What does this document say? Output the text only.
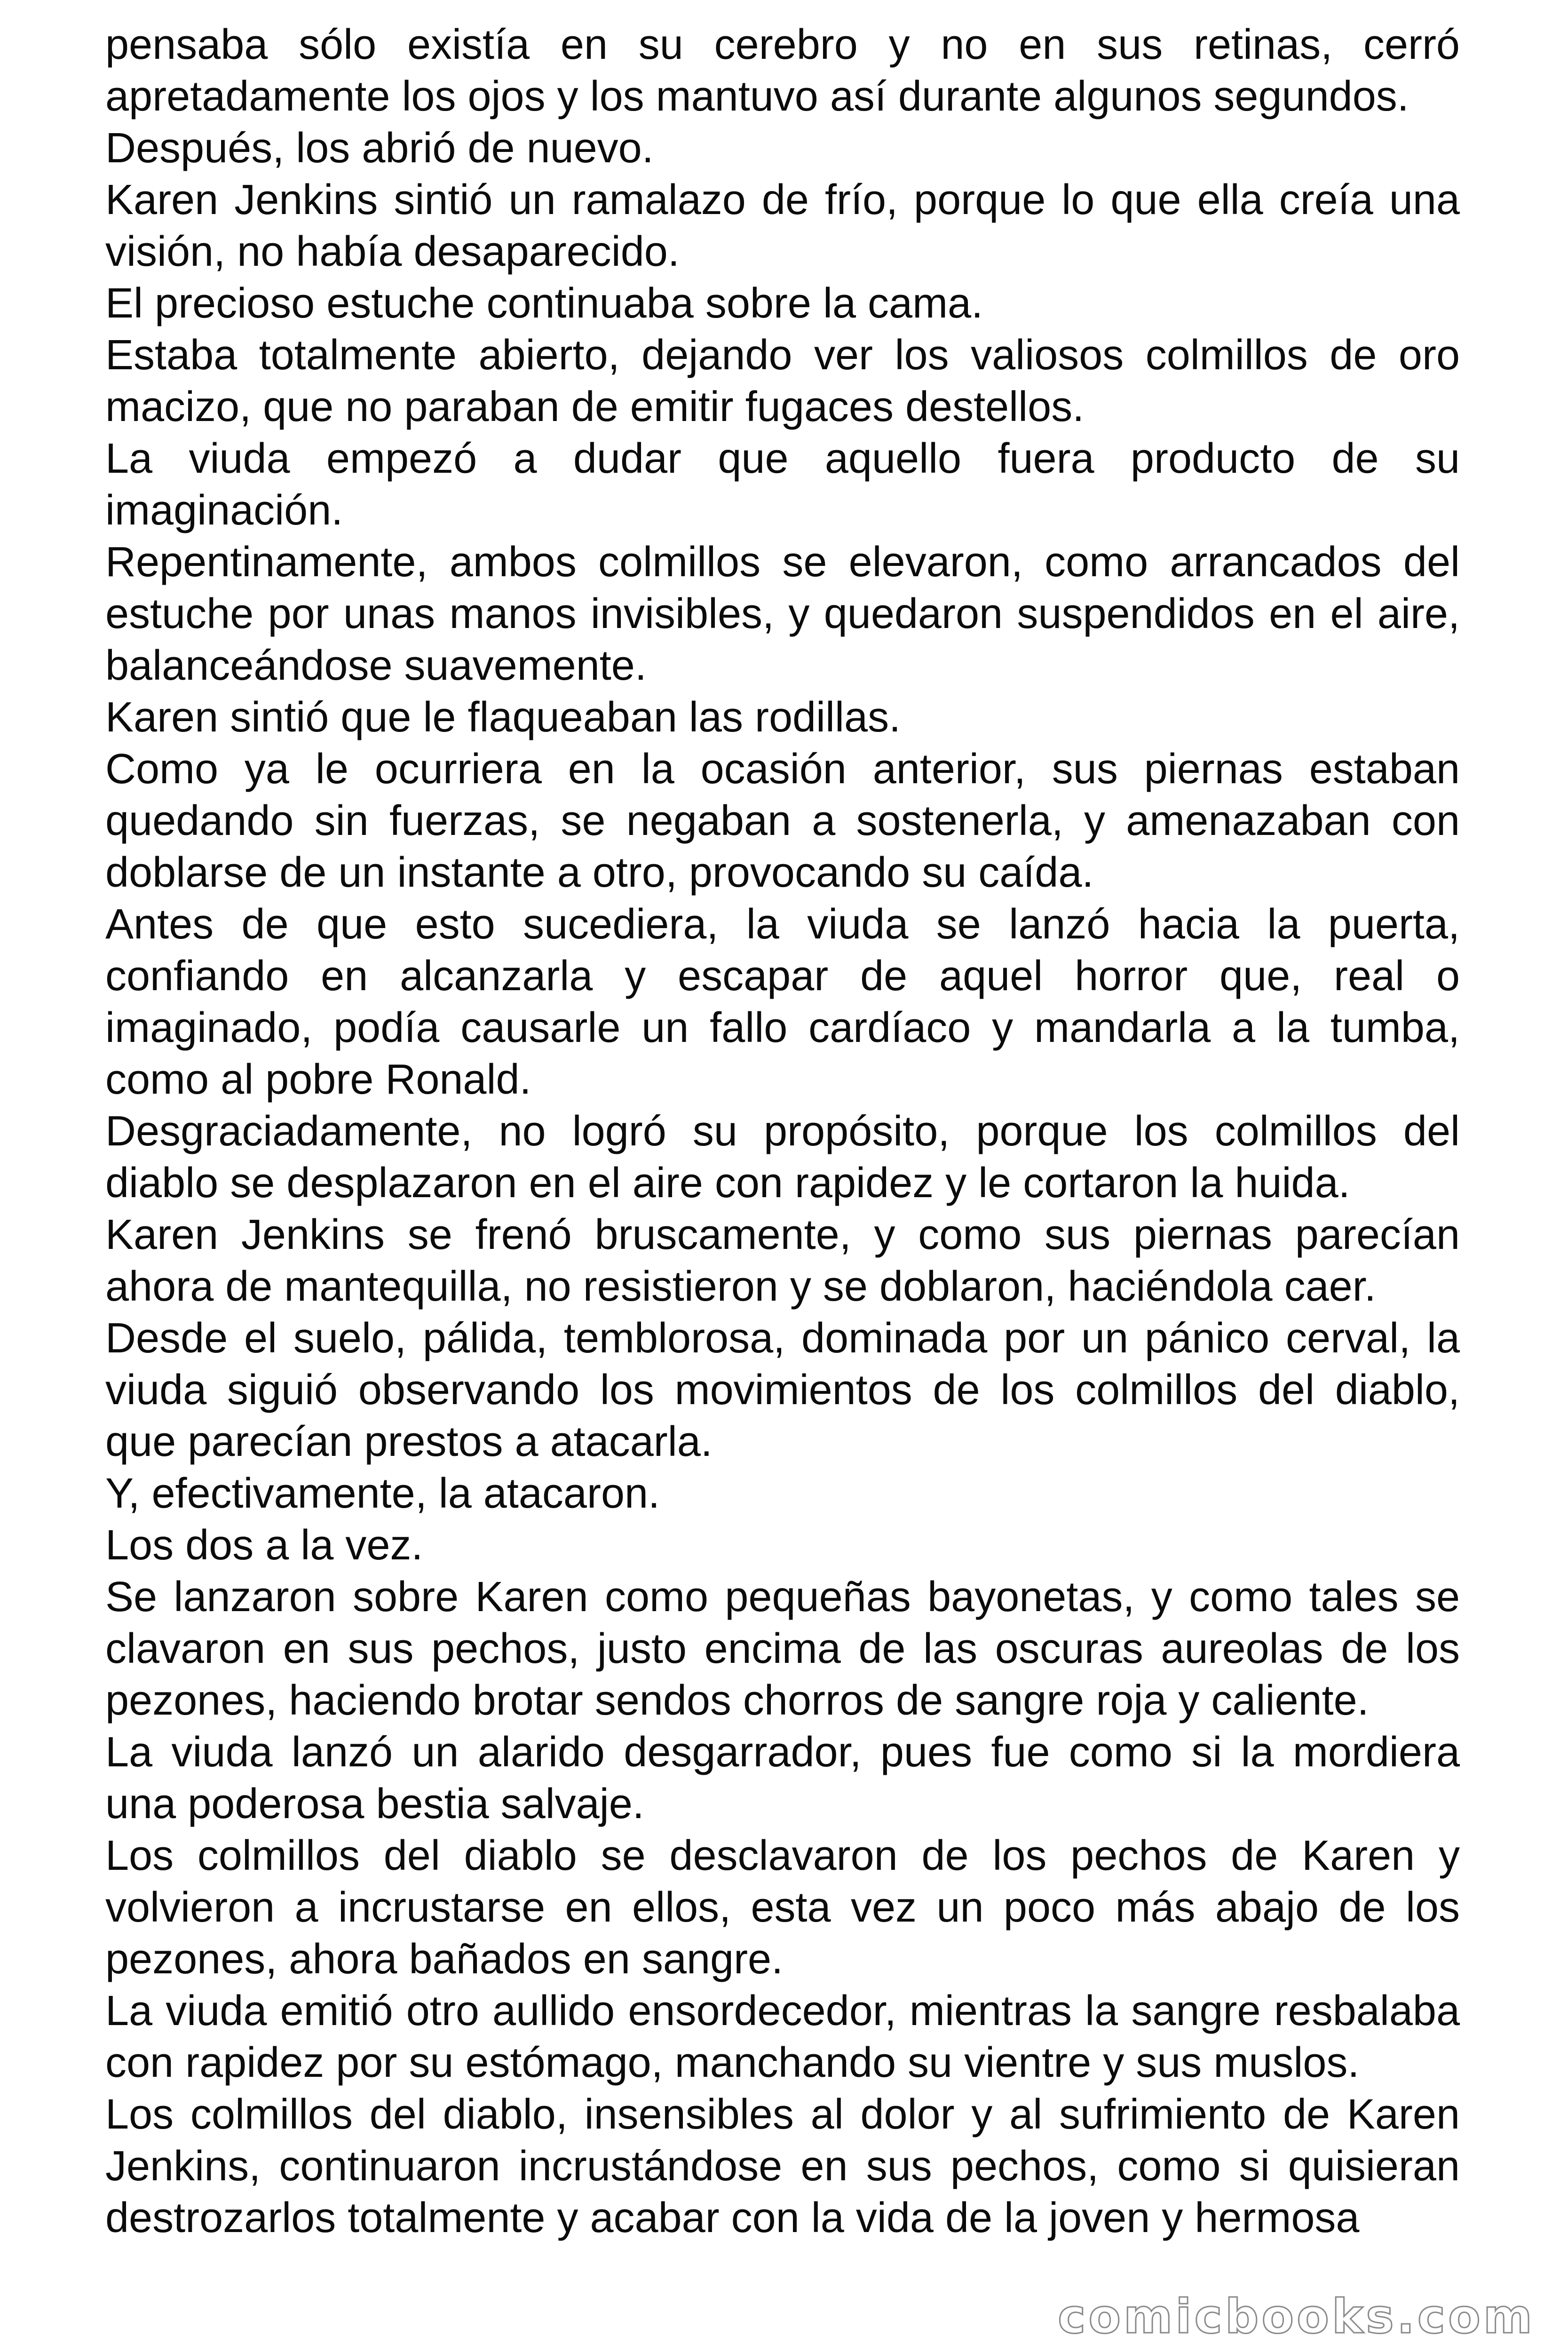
pensaba sólo existía en su cerebro y no en sus retinas, cerró apretadamente los ojos y los mantuvo así durante algunos segundos.

Después, los abrió de nuevo.

Karen Jenkins sintió un ramalazo de frío, porque lo que ella creía una visión, no había desaparecido.

El precioso estuche continuaba sobre la cama.

Estaba totalmente abierto, dejando ver los valiosos colmillos de oro macizo, que no paraban de emitir fugaces destellos.

La viuda empezó a dudar que aquello fuera producto de su imaginación.

Repentinamente, ambos colmillos se elevaron, como arrancados del estuche por unas manos invisibles, y quedaron suspendidos en el aire, balanceándose suavemente.

Karen sintió que le flaqueaban las rodillas.

Como ya le ocurriera en la ocasión anterior, sus piernas estaban quedando sin fuerzas, se negaban a sostenerla, y amenazaban con doblarse de un instante a otro, provocando su caída.

Antes de que esto sucediera, la viuda se lanzó hacia la puerta, confiando en alcanzarla y escapar de aquel horror que, real o imaginado, podía causarle un fallo cardíaco y mandarla a la tumba, como al pobre Ronald.

Desgraciadamente, no logró su propósito, porque los colmillos del diablo se desplazaron en el aire con rapidez y le cortaron la huida.

Karen Jenkins se frenó bruscamente, y como sus piernas parecían ahora de mantequilla, no resistieron y se doblaron, haciéndola caer.

Desde el suelo, pálida, temblorosa, dominada por un pánico cerval, la viuda siguió observando los movimientos de los colmillos del diablo, que parecían prestos a atacarla.

Y, efectivamente, la atacaron.

Los dos a la vez.

Se lanzaron sobre Karen como pequeñas bayonetas, y como tales se clavaron en sus pechos, justo encima de las oscuras aureolas de los pezones, haciendo brotar sendos chorros de sangre roja y caliente.

La viuda lanzó un alarido desgarrador, pues fue como si la mordiera una poderosa bestia salvaje.

Los colmillos del diablo se desclavaron de los pechos de Karen y volvieron a incrustarse en ellos, esta vez un poco más abajo de los pezones, ahora bañados en sangre.

La viuda emitió otro aullido ensordecedor, mientras la sangre resbalaba con rapidez por su estómago, manchando su vientre y sus muslos.

Los colmillos del diablo, insensibles al dolor y al sufrimiento de Karen Jenkins, continuaron incrustándose en sus pechos, como si quisieran destrozarlos totalmente y acabar con la vida de la joven y hermosa

comicbooks.com
